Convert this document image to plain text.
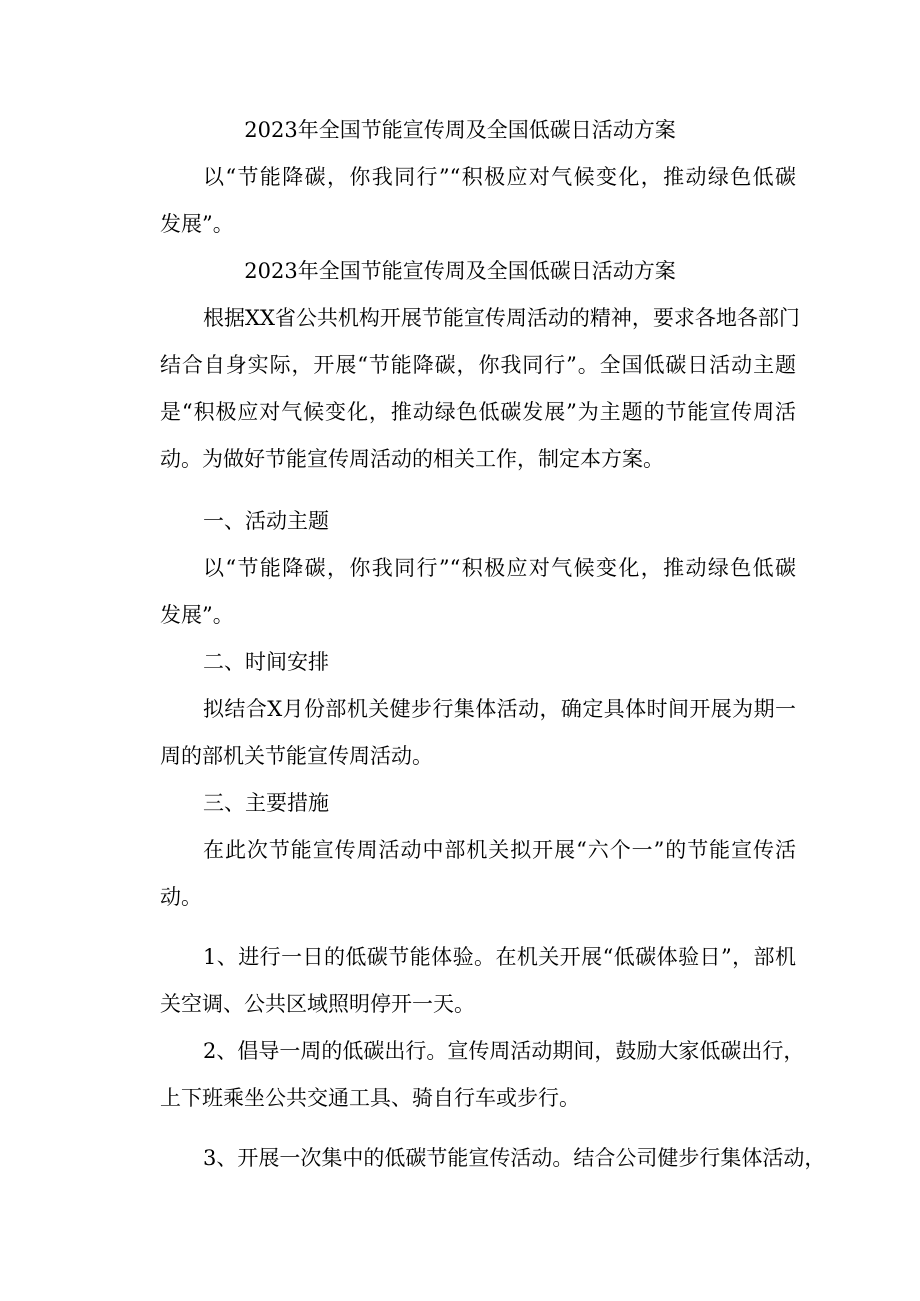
2023年全国节能宣传周及全国低碳日活动方案
以“节能降碳，你我同行”“积极应对气候变化，推动绿色低碳
发展”。
2023年全国节能宣传周及全国低碳日活动方案
根据XX省公共机构开展节能宣传周活动的精神，要求各地各部门
结合自身实际，开展“节能降碳，你我同行”。全国低碳日活动主题
是“积极应对气候变化，推动绿色低碳发展”为主题的节能宣传周活
动。为做好节能宣传周活动的相关工作，制定本方案。
一、活动主题
以“节能降碳，你我同行”“积极应对气候变化，推动绿色低碳
发展”。
二、时间安排
拟结合X月份部机关健步行集体活动，确定具体时间开展为期一
周的部机关节能宣传周活动。
三、主要措施
在此次节能宣传周活动中部机关拟开展“六个一”的节能宣传活
动。
1、进行一日的低碳节能体验。在机关开展“低碳体验日”，部机
关空调、公共区域照明停开一天。
2、倡导一周的低碳出行。宣传周活动期间，鼓励大家低碳出行，
上下班乘坐公共交通工具、骑自行车或步行。
3、开展一次集中的低碳节能宣传活动。结合公司健步行集体活动，
